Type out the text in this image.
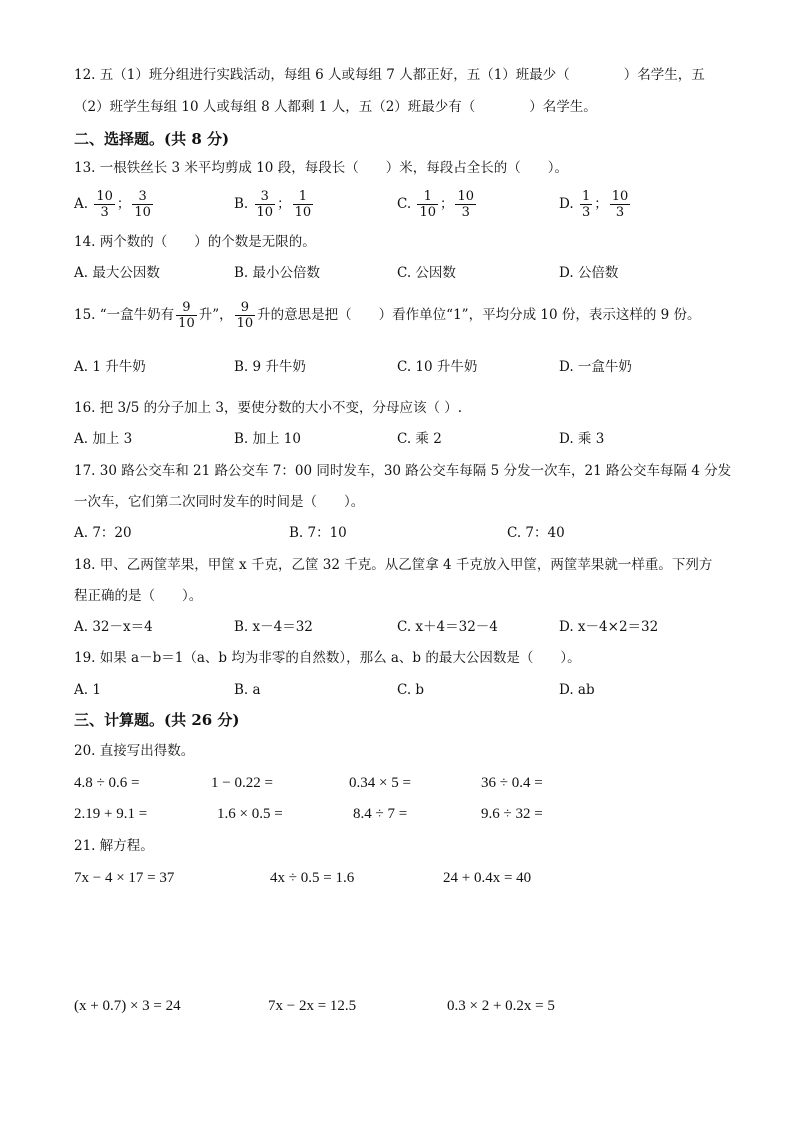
12. 五（1）班分组进行实践活动，每组 6 人或每组 7 人都正好，五（1）班最少（　　　　）名学生，五
（2）班学生每组 10 人或每组 8 人都剩 1 人，五（2）班最少有（　　　　）名学生。
二、选择题。(共 8 分)
13. 一根铁丝长 3 米平均剪成 10 段，每段长（　　）米，每段占全长的（　　）。
A. $\frac{10}{3}$ ； $\frac{3}{10}$	B. $\frac{3}{10}$ ； $\frac{1}{10}$	C. $\frac{1}{10}$ ； $\frac{10}{3}$	D. $\frac{1}{3}$ ； $\frac{10}{3}$
14. 两个数的（　　）的个数是无限的。
A. 最大公因数	B. 最小公倍数	C. 公因数	D. 公倍数
15. “一盒牛奶有 $\frac{9}{10}$ 升”， $\frac{9}{10}$ 升的意思是把（　　）看作单位“1”，平均分成 10 份，表示这样的 9 份。
A. 1 升牛奶	B. 9 升牛奶	C. 10 升牛奶	D. 一盒牛奶
16. 把 3/5 的分子加上 3，要使分数的大小不变，分母应该（ ）.
A. 加上 3	B. 加上 10	C. 乘 2	D. 乘 3
17. 30 路公交车和 21 路公交车 7：00 同时发车，30 路公交车每隔 5 分发一次车，21 路公交车每隔 4 分发
一次车，它们第二次同时发车的时间是（　　）。
A. 7：20	B. 7：10	C. 7：40
18. 甲、乙两筐苹果，甲筐 x 千克，乙筐 32 千克。从乙筐拿 4 千克放入甲筐，两筐苹果就一样重。下列方
程正确的是（　　）。
A. 32－x＝4	B. x－4＝32	C. x＋4＝32－4	D. x－4×2＝32
19. 如果 a－b＝1（a、b 均为非零的自然数），那么 a、b 的最大公因数是（　　）。
A. 1	B. a	C. b	D. ab
三、计算题。(共 26 分)
20. 直接写出得数。
4.8 ÷ 0.6 =	1 − 0.22 =	0.34 × 5 =	36 ÷ 0.4 =
2.19 + 9.1 =	1.6 × 0.5 =	8.4 ÷ 7 =	9.6 ÷ 32 =
21. 解方程。
7x − 4 × 17 = 37	4x ÷ 0.5 = 1.6	24 + 0.4x = 40
(x + 0.7) × 3 = 24	7x − 2x = 12.5	0.3 × 2 + 0.2x = 5
